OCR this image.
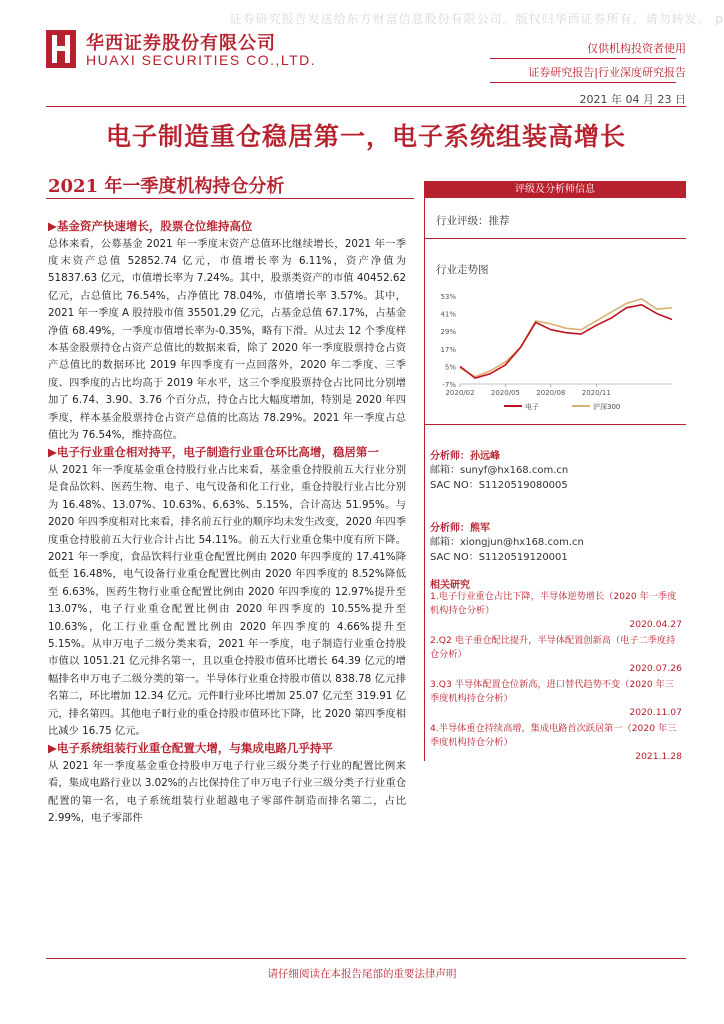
证券研究报告发送给东方财富信息股份有限公司。版权归华西证券所有，请勿转发。 p
华西证券股份有限公司
HUAXI SECURITIES CO.,LTD.
仅供机构投资者使用
证券研究报告|行业深度研究报告
2021 年 04 月 23 日
电子制造重仓稳居第一，电子系统组装高增长
2021 年一季度机构持仓分析
▶基金资产快速增长，股票仓位维持高位

总体来看，公募基金 2021 年一季度末资产总值环比继续增长，2021 年一季度末资产总值 52852.74 亿元，市值增长率为 6.11%，资产净值为 51837.63 亿元，市值增长率为 7.24%。其中，股票类资产的市值 40452.62 亿元，占总值比 76.54%，占净值比 78.04%，市值增长率 3.57%。其中，2021 年一季度 A 股持股市值 35501.29 亿元，占基金总值 67.17%，占基金净值 68.49%，一季度市值增长率为-0.35%，略有下滑。从过去 12 个季度样本基金股票持仓占资产总值比的数据来看，除了 2020 年一季度股票持仓占资产总值比的数据环比 2019 年四季度有一点回落外，2020 年二季度、三季度、四季度的占比均高于 2019 年水平，这三个季度股票持仓占比同比分别增加了 6.74、3.90、3.76 个百分点，持仓占比大幅度增加，特别是 2020 年四季度，样本基金股票持仓占资产总值的比高达 78.29%。2021 年一季度占总值比为 76.54%，维持高位。

▶电子行业重仓相对持平，电子制造行业重仓环比高增，稳居第一

从 2021 年一季度基金重仓持股行业占比来看，基金重仓持股前五大行业分别是食品饮料、医药生物、电子、电气设备和化工行业，重仓持股行业占比分别为 16.48%、13.07%、10.63%、6.63%、5.15%，合计高达 51.95%。与 2020 年四季度相对比来看，排名前五行业的顺序均未发生改变，2020 年四季度重仓持股前五大行业合计占比 54.11%。前五大行业重仓集中度有所下降。2021 年一季度，食品饮料行业重仓配置比例由 2020 年四季度的 17.41%降低至 16.48%，电气设备行业重仓配置比例由 2020 年四季度的 8.52%降低至 6.63%，医药生物行业重仓配置比例由 2020 年四季度的 12.97%提升至 13.07%，电子行业重仓配置比例由 2020 年四季度的 10.55%提升至 10.63%，化工行业重仓配置比例由 2020 年四季度的 4.66%提升至 5.15%。从申万电子二级分类来看，2021 年一季度，电子制造行业重仓持股市值以 1051.21 亿元排名第一，且以重仓持股市值环比增长 64.39 亿元的增幅排名申万电子二级分类的第一。半导体行业重仓持股市值以 838.78 亿元排名第二，环比增加 12.34 亿元。元件Ⅱ行业环比增加 25.07 亿元至 319.91 亿元，排名第四。其他电子Ⅱ行业的重仓持股市值环比下降，比 2020 第四季度相比减少 16.75 亿元。

▶电子系统组装行业重仓配置大增，与集成电路几乎持平

从 2021 年一季度基金重仓持股申万电子行业三级分类子行业的配置比例来看，集成电路行业以 3.02%的占比保持住了申万电子行业三级分类子行业重仓配置的第一名，电子系统组装行业超越电子零部件制造而排名第二，占比 2.99%，电子零部件

评级及分析师信息
行业评级：推荐
行业走势图
53%
41%
29%
17%
5%
-7%
2020/02 2020/05 2020/08 2020/11
电子	沪深300
分析师：孙远峰
邮箱：sunyf@hx168.com.cn
SAC NO：S1120519080005
分析师：熊军
邮箱：xiongjun@hx168.com.cn
SAC NO：S1120519120001
相关研究
1.电子行业重仓占比下降，半导体逆势增长（2020 年一季度机构持仓分析）
2020.04.27
2.Q2 电子重仓配比提升，半导体配置创新高（电子二季度持仓分析）
2020.07.26
3.Q3 半导体配置仓位新高，进口替代趋势不变（2020 年三季度机构持仓分析）
2020.11.07
4.半导体重仓持续高增，集成电路首次跃居第一（2020 年三季度机构持仓分析）
2021.1.28
请仔细阅读在本报告尾部的重要法律声明
